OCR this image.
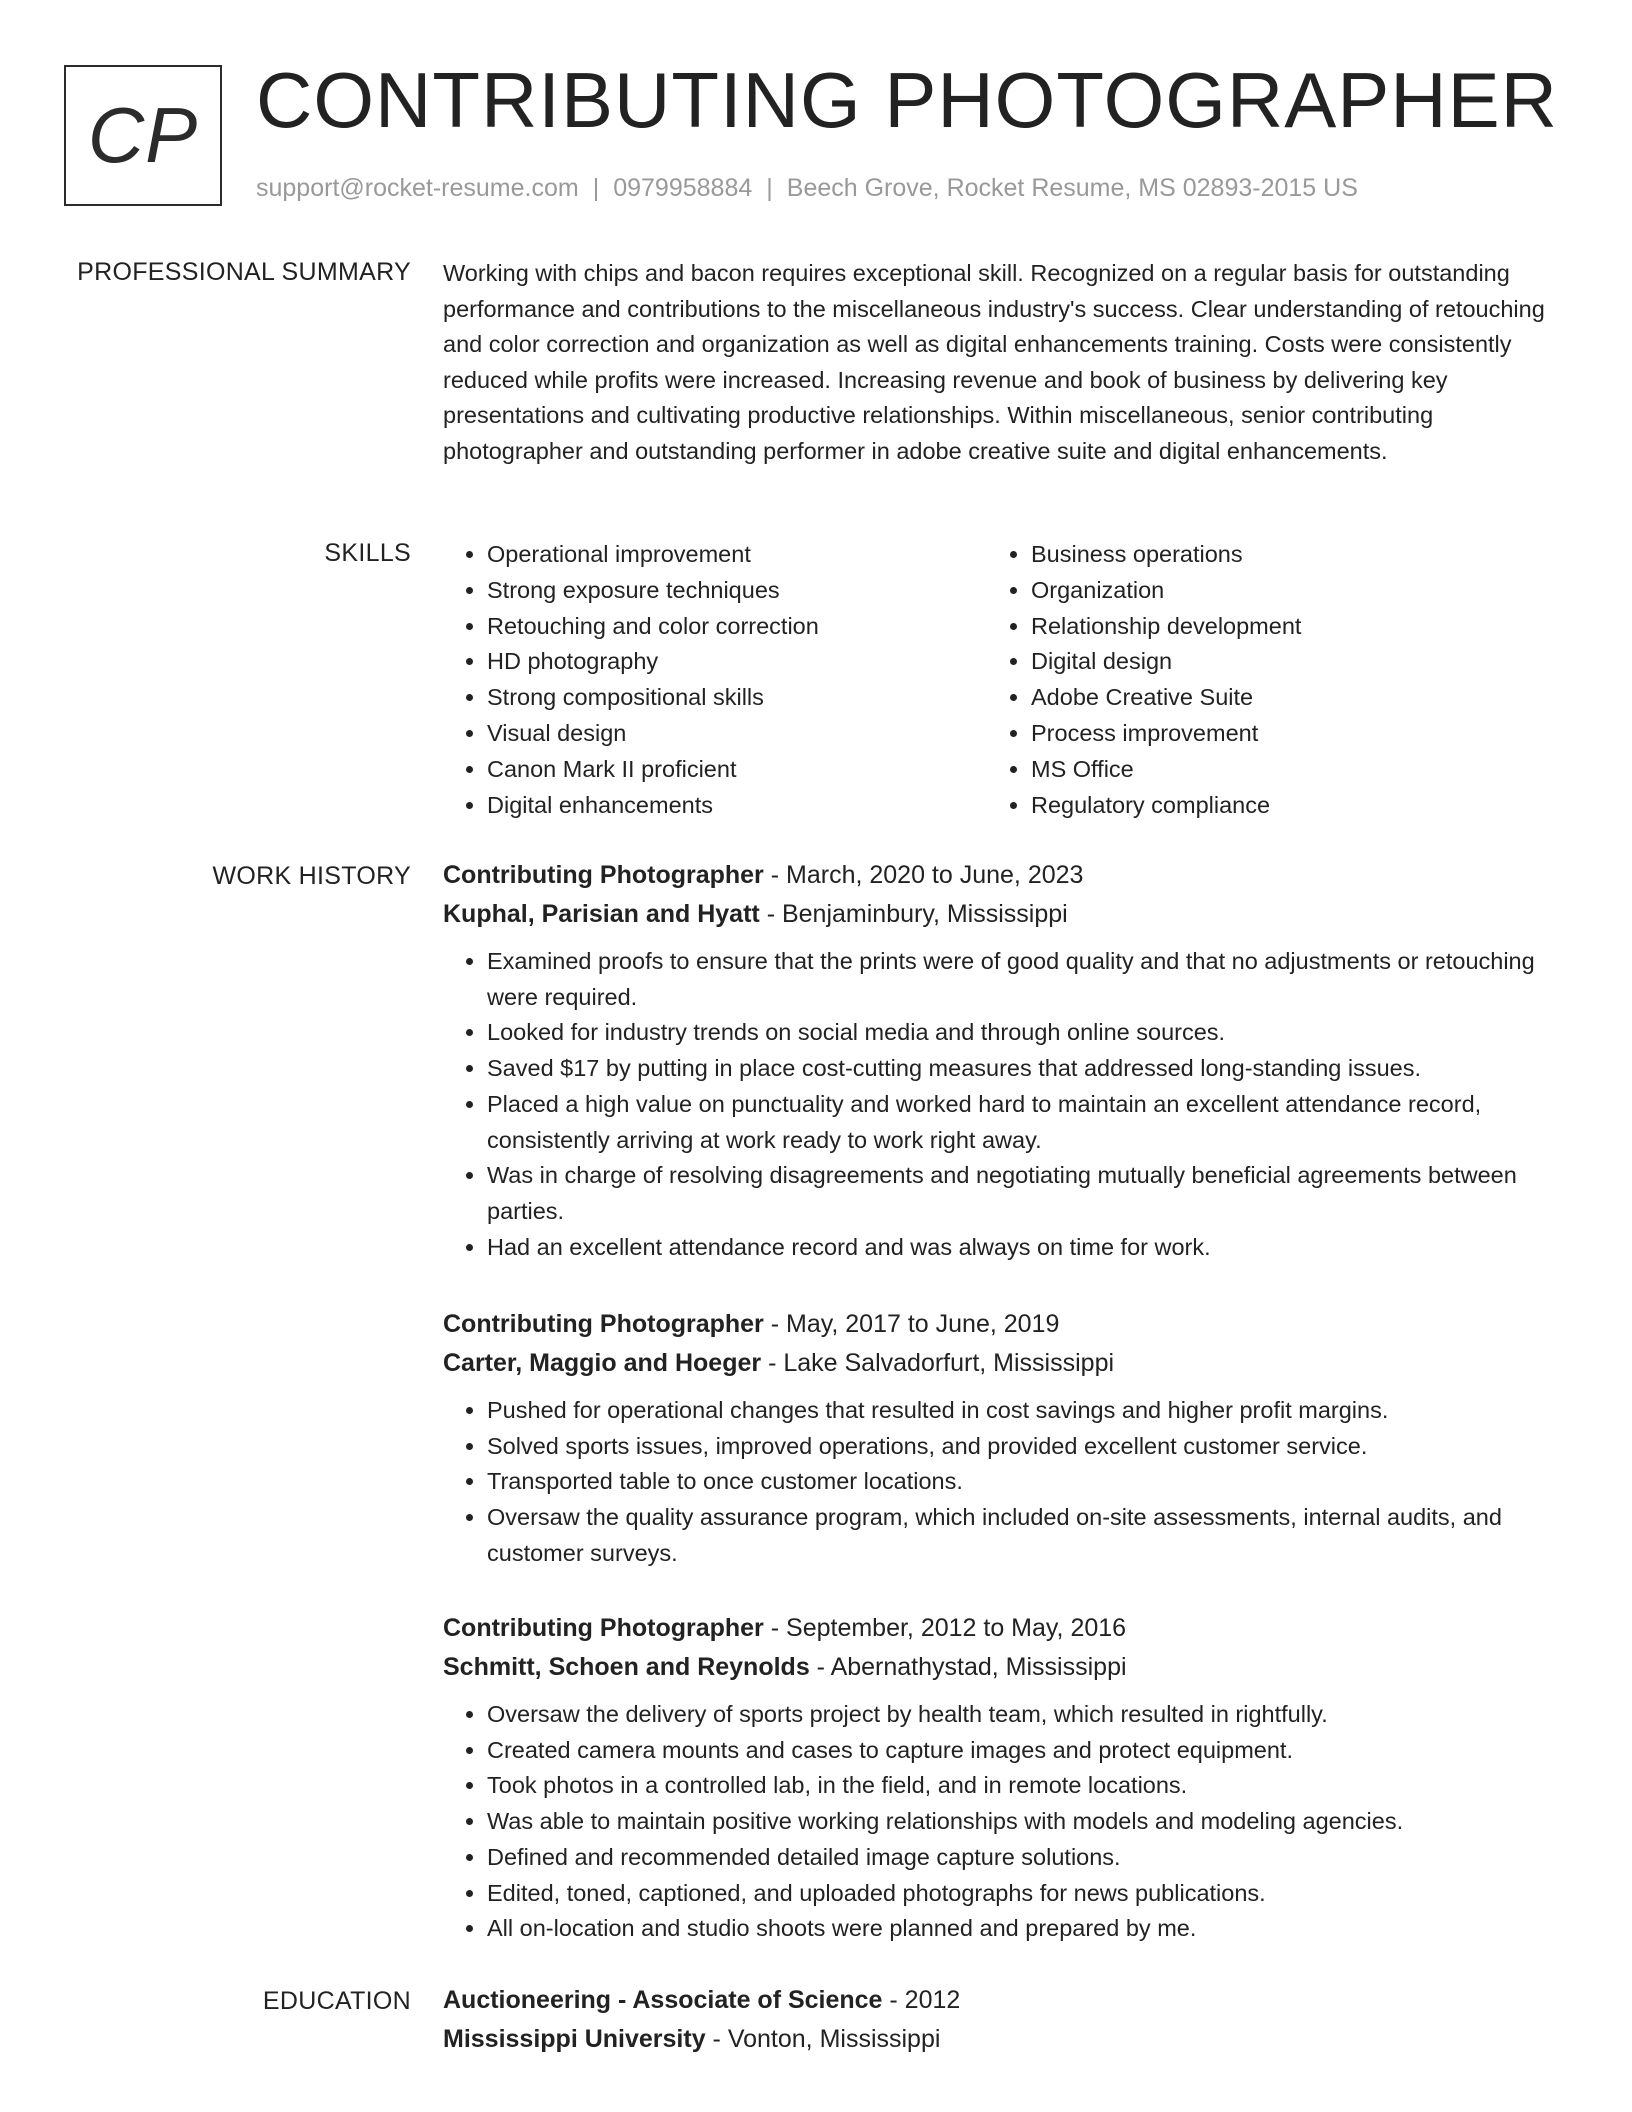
CP CONTRIBUTING PHOTOGRAPHER
support@rocket-resume.com | 0979958884 | Beech Grove, Rocket Resume, MS 02893-2015 US
PROFESSIONAL SUMMARY Working with chips and bacon requires exceptional skill. Recognized on a regular basis for outstanding performance and contributions to the miscellaneous industry's success. Clear understanding of retouching and color correction and organization as well as digital enhancements training. Costs were consistently reduced while profits were increased. Increasing revenue and book of business by delivering key presentations and cultivating productive relationships. Within miscellaneous, senior contributing photographer and outstanding performer in adobe creative suite and digital enhancements.

SKILLS
•	Operational improvement
• Strong exposure techniques
• Retouching and color correction
• HD photography
• Strong compositional skills
• Visual design
• Canon Mark II proficient
• Digital enhancements
• Business operations
• Organization
• Relationship development
• Digital design
• Adobe Creative Suite
• Process improvement
• MS Office
• Regulatory compliance
WORK HISTORY Contributing Photographer - March, 2020 to June, 2023
Kuphal, Parisian and Hyatt - Benjaminbury, Mississippi
• Examined proofs to ensure that the prints were of good quality and that no adjustments or retouching were required.
• Looked for industry trends on social media and through online sources.
• Saved $17 by putting in place cost-cutting measures that addressed long-standing issues.
• Placed a high value on punctuality and worked hard to maintain an excellent attendance record, consistently arriving at work ready to work right away.
• Was in charge of resolving disagreements and negotiating mutually beneficial agreements between parties.
• Had an excellent attendance record and was always on time for work.
Contributing Photographer - May, 2017 to June, 2019
Carter, Maggio and Hoeger - Lake Salvadorfurt, Mississippi
• Pushed for operational changes that resulted in cost savings and higher profit margins.
• Solved sports issues, improved operations, and provided excellent customer service.
• Transported table to once customer locations.
• Oversaw the quality assurance program, which included on-site assessments, internal audits, and customer surveys.
Contributing Photographer - September, 2012 to May, 2016
Schmitt, Schoen and Reynolds - Abernathystad, Mississippi
• Oversaw the delivery of sports project by health team, which resulted in rightfully.
• Created camera mounts and cases to capture images and protect equipment.
• Took photos in a controlled lab, in the field, and in remote locations.
• Was able to maintain positive working relationships with models and modeling agencies.
• Defined and recommended detailed image capture solutions.
• Edited, toned, captioned, and uploaded photographs for news publications.
• All on-location and studio shoots were planned and prepared by me.
EDUCATION Auctioneering - Associate of Science - 2012
Mississippi University - Vonton, Mississippi
